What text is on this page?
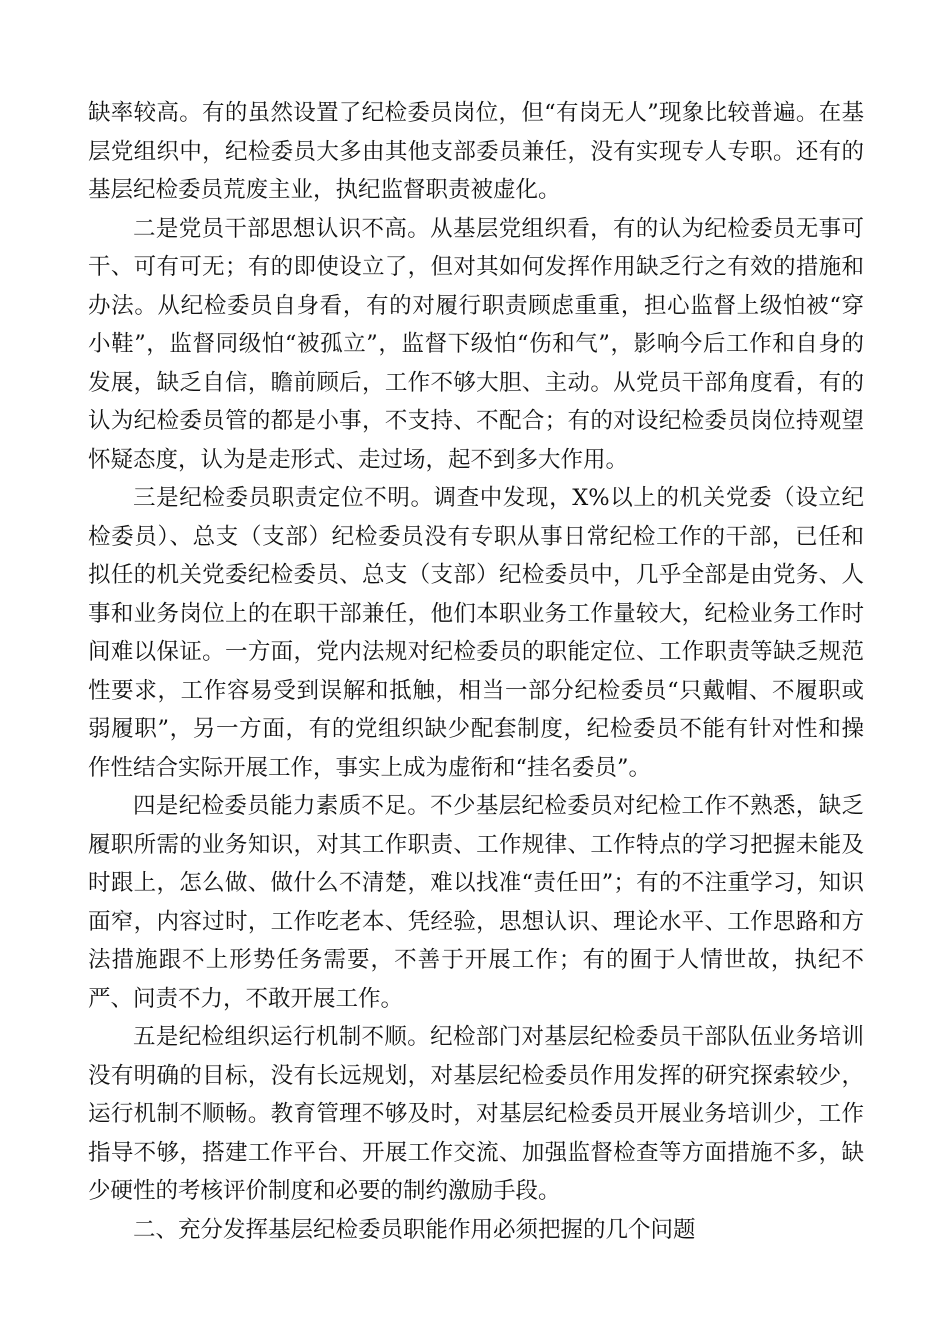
缺率较高。有的虽然设置了纪检委员岗位，但“有岗无人”现象比较普遍。在基层党组织中，纪检委员大多由其他支部委员兼任，没有实现专人专职。还有的基层纪检委员荒废主业，执纪监督职责被虚化。

二是党员干部思想认识不高。从基层党组织看，有的认为纪检委员无事可干、可有可无；有的即使设立了，但对其如何发挥作用缺乏行之有效的措施和办法。从纪检委员自身看，有的对履行职责顾虑重重，担心监督上级怕被“穿小鞋”，监督同级怕“被孤立”，监督下级怕“伤和气”，影响今后工作和自身的发展，缺乏自信，瞻前顾后，工作不够大胆、主动。从党员干部角度看，有的认为纪检委员管的都是小事，不支持、不配合；有的对设纪检委员岗位持观望怀疑态度，认为是走形式、走过场，起不到多大作用。

三是纪检委员职责定位不明。调查中发现，X%以上的机关党委（设立纪检委员）、总支（支部）纪检委员没有专职从事日常纪检工作的干部，已任和拟任的机关党委纪检委员、总支（支部）纪检委员中，几乎全部是由党务、人事和业务岗位上的在职干部兼任，他们本职业务工作量较大，纪检业务工作时间难以保证。一方面，党内法规对纪检委员的职能定位、工作职责等缺乏规范性要求，工作容易受到误解和抵触，相当一部分纪检委员“只戴帽、不履职或弱履职”，另一方面，有的党组织缺少配套制度，纪检委员不能有针对性和操作性结合实际开展工作，事实上成为虚衔和“挂名委员”。

四是纪检委员能力素质不足。不少基层纪检委员对纪检工作不熟悉，缺乏履职所需的业务知识，对其工作职责、工作规律、工作特点的学习把握未能及时跟上，怎么做、做什么不清楚，难以找准“责任田”；有的不注重学习，知识面窄，内容过时，工作吃老本、凭经验，思想认识、理论水平、工作思路和方法措施跟不上形势任务需要，不善于开展工作；有的囿于人情世故，执纪不严、问责不力，不敢开展工作。

五是纪检组织运行机制不顺。纪检部门对基层纪检委员干部队伍业务培训没有明确的目标，没有长远规划，对基层纪检委员作用发挥的研究探索较少，运行机制不顺畅。教育管理不够及时，对基层纪检委员开展业务培训少，工作指导不够，搭建工作平台、开展工作交流、加强监督检查等方面措施不多，缺少硬性的考核评价制度和必要的制约激励手段。

二、充分发挥基层纪检委员职能作用必须把握的几个问题
